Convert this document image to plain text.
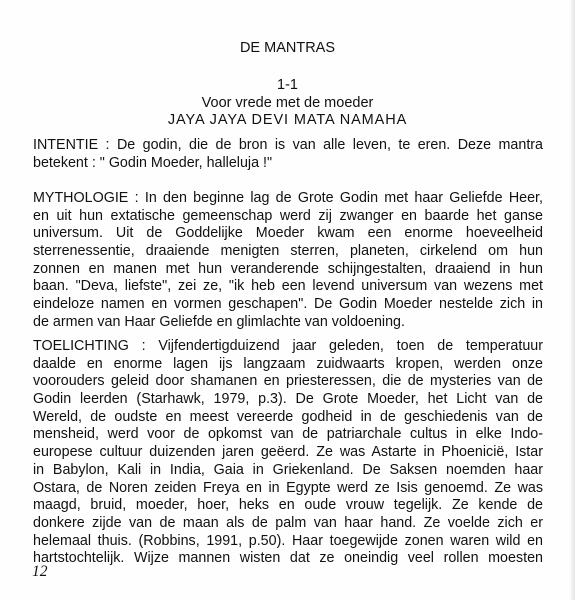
DE MANTRAS
1-1
Voor vrede met de moeder
JAYA JAYA DEVI MATA NAMAHA
INTENTIE : De godin, die de bron is van alle leven, te eren. Deze mantra
betekent : " Godin Moeder, halleluja !"
MYTHOLOGIE : In den beginne lag de Grote Godin met haar Geliefde Heer,
en uit hun extatische gemeenschap werd zij zwanger en baarde het ganse
universum. Uit de Goddelijke Moeder kwam een enorme hoeveelheid
sterrenessentie, draaiende menigten sterren, planeten, cirkelend om hun
zonnen en manen met hun veranderende schijngestalten, draaiend in hun
baan. "Deva, liefste", zei ze, "ik heb een levend universum van wezens met
eindeloze namen en vormen geschapen". De Godin Moeder nestelde zich in
de armen van Haar Geliefde en glimlachte van voldoening.
TOELICHTING : Vijfendertigduizend jaar geleden, toen de temperatuur
daalde en enorme lagen ijs langzaam zuidwaarts kropen, werden onze
voorouders geleid door shamanen en priesteressen, die de mysteries van de
Godin leerden (Starhawk, 1979, p.3). De Grote Moeder, het Licht van de
Wereld, de oudste en meest vereerde godheid in de geschiedenis van de
mensheid, werd voor de opkomst van de patriarchale cultus in elke Indo-
europese cultuur duizenden jaren geëerd. Ze was Astarte in Phoenicië, Istar
in Babylon, Kali in India, Gaia in Griekenland. De Saksen noemden haar
Ostara, de Noren zeiden Freya en in Egypte werd ze Isis genoemd. Ze was
maagd, bruid, moeder, hoer, heks en oude vrouw tegelijk. Ze kende de
donkere zijde van de maan als de palm van haar hand. Ze voelde zich er
helemaal thuis. (Robbins, 1991, p.50). Haar toegewijde zonen waren wild en
hartstochtelijk. Wijze mannen wisten dat ze oneindig veel rollen moesten
12
